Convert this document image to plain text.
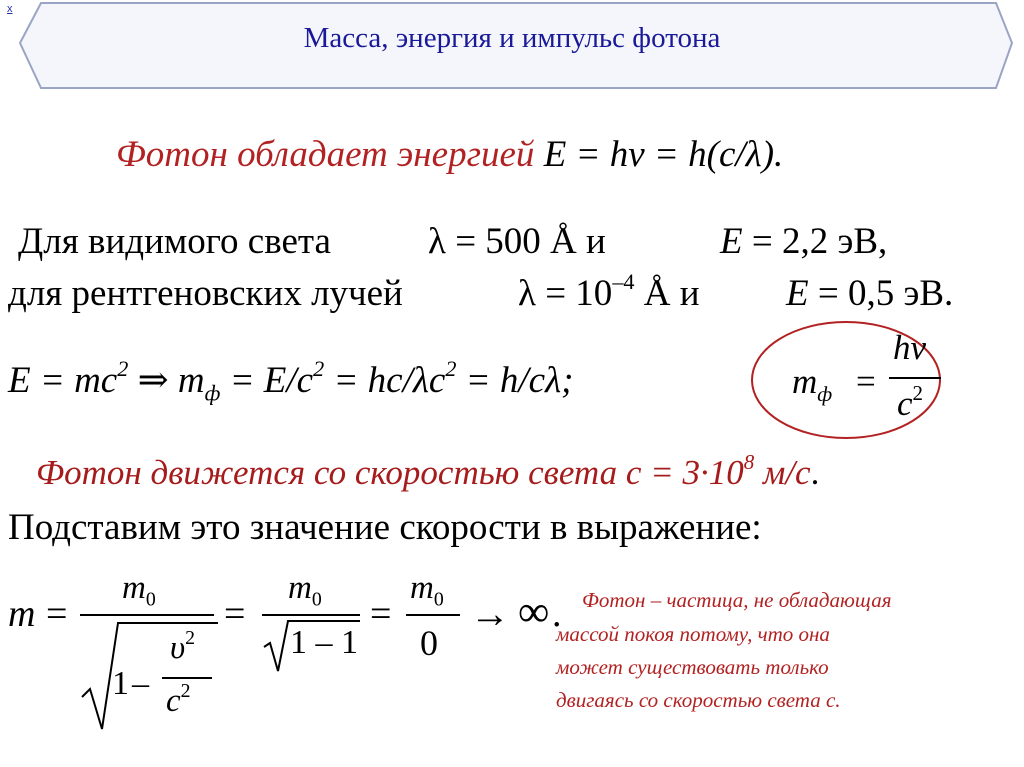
x
Масса, энергия и импульс фотона
Фотон обладает энергией E = hν = h(c/λ).
Для видимого света	λ = 500 Å и	E = 2,2 эВ,
для рентгеновских лучей	$\lambda = 10^{-4}$ Å и E = 0,5 эВ.
$E = mc^2$ ⇒ $m_ф = E/c^2 = hc/\lambda c^2 = h/c\lambda$;	$m_ф$ =
hν
$c^2$
Фотон движется со скоростью света $c = 3\cdot 10^8$ м/с.
Подставим это значение скорости в выражение:
m =
$m_0$
1 –
$\upsilon^2$
$c^2$
=
$m_0$
1 – 1
=
$m_0$
0
→ ∞ . Фотон – частица, не обладающая
массой покоя потому, что она
может существовать только
двигаясь со скоростью света с.
